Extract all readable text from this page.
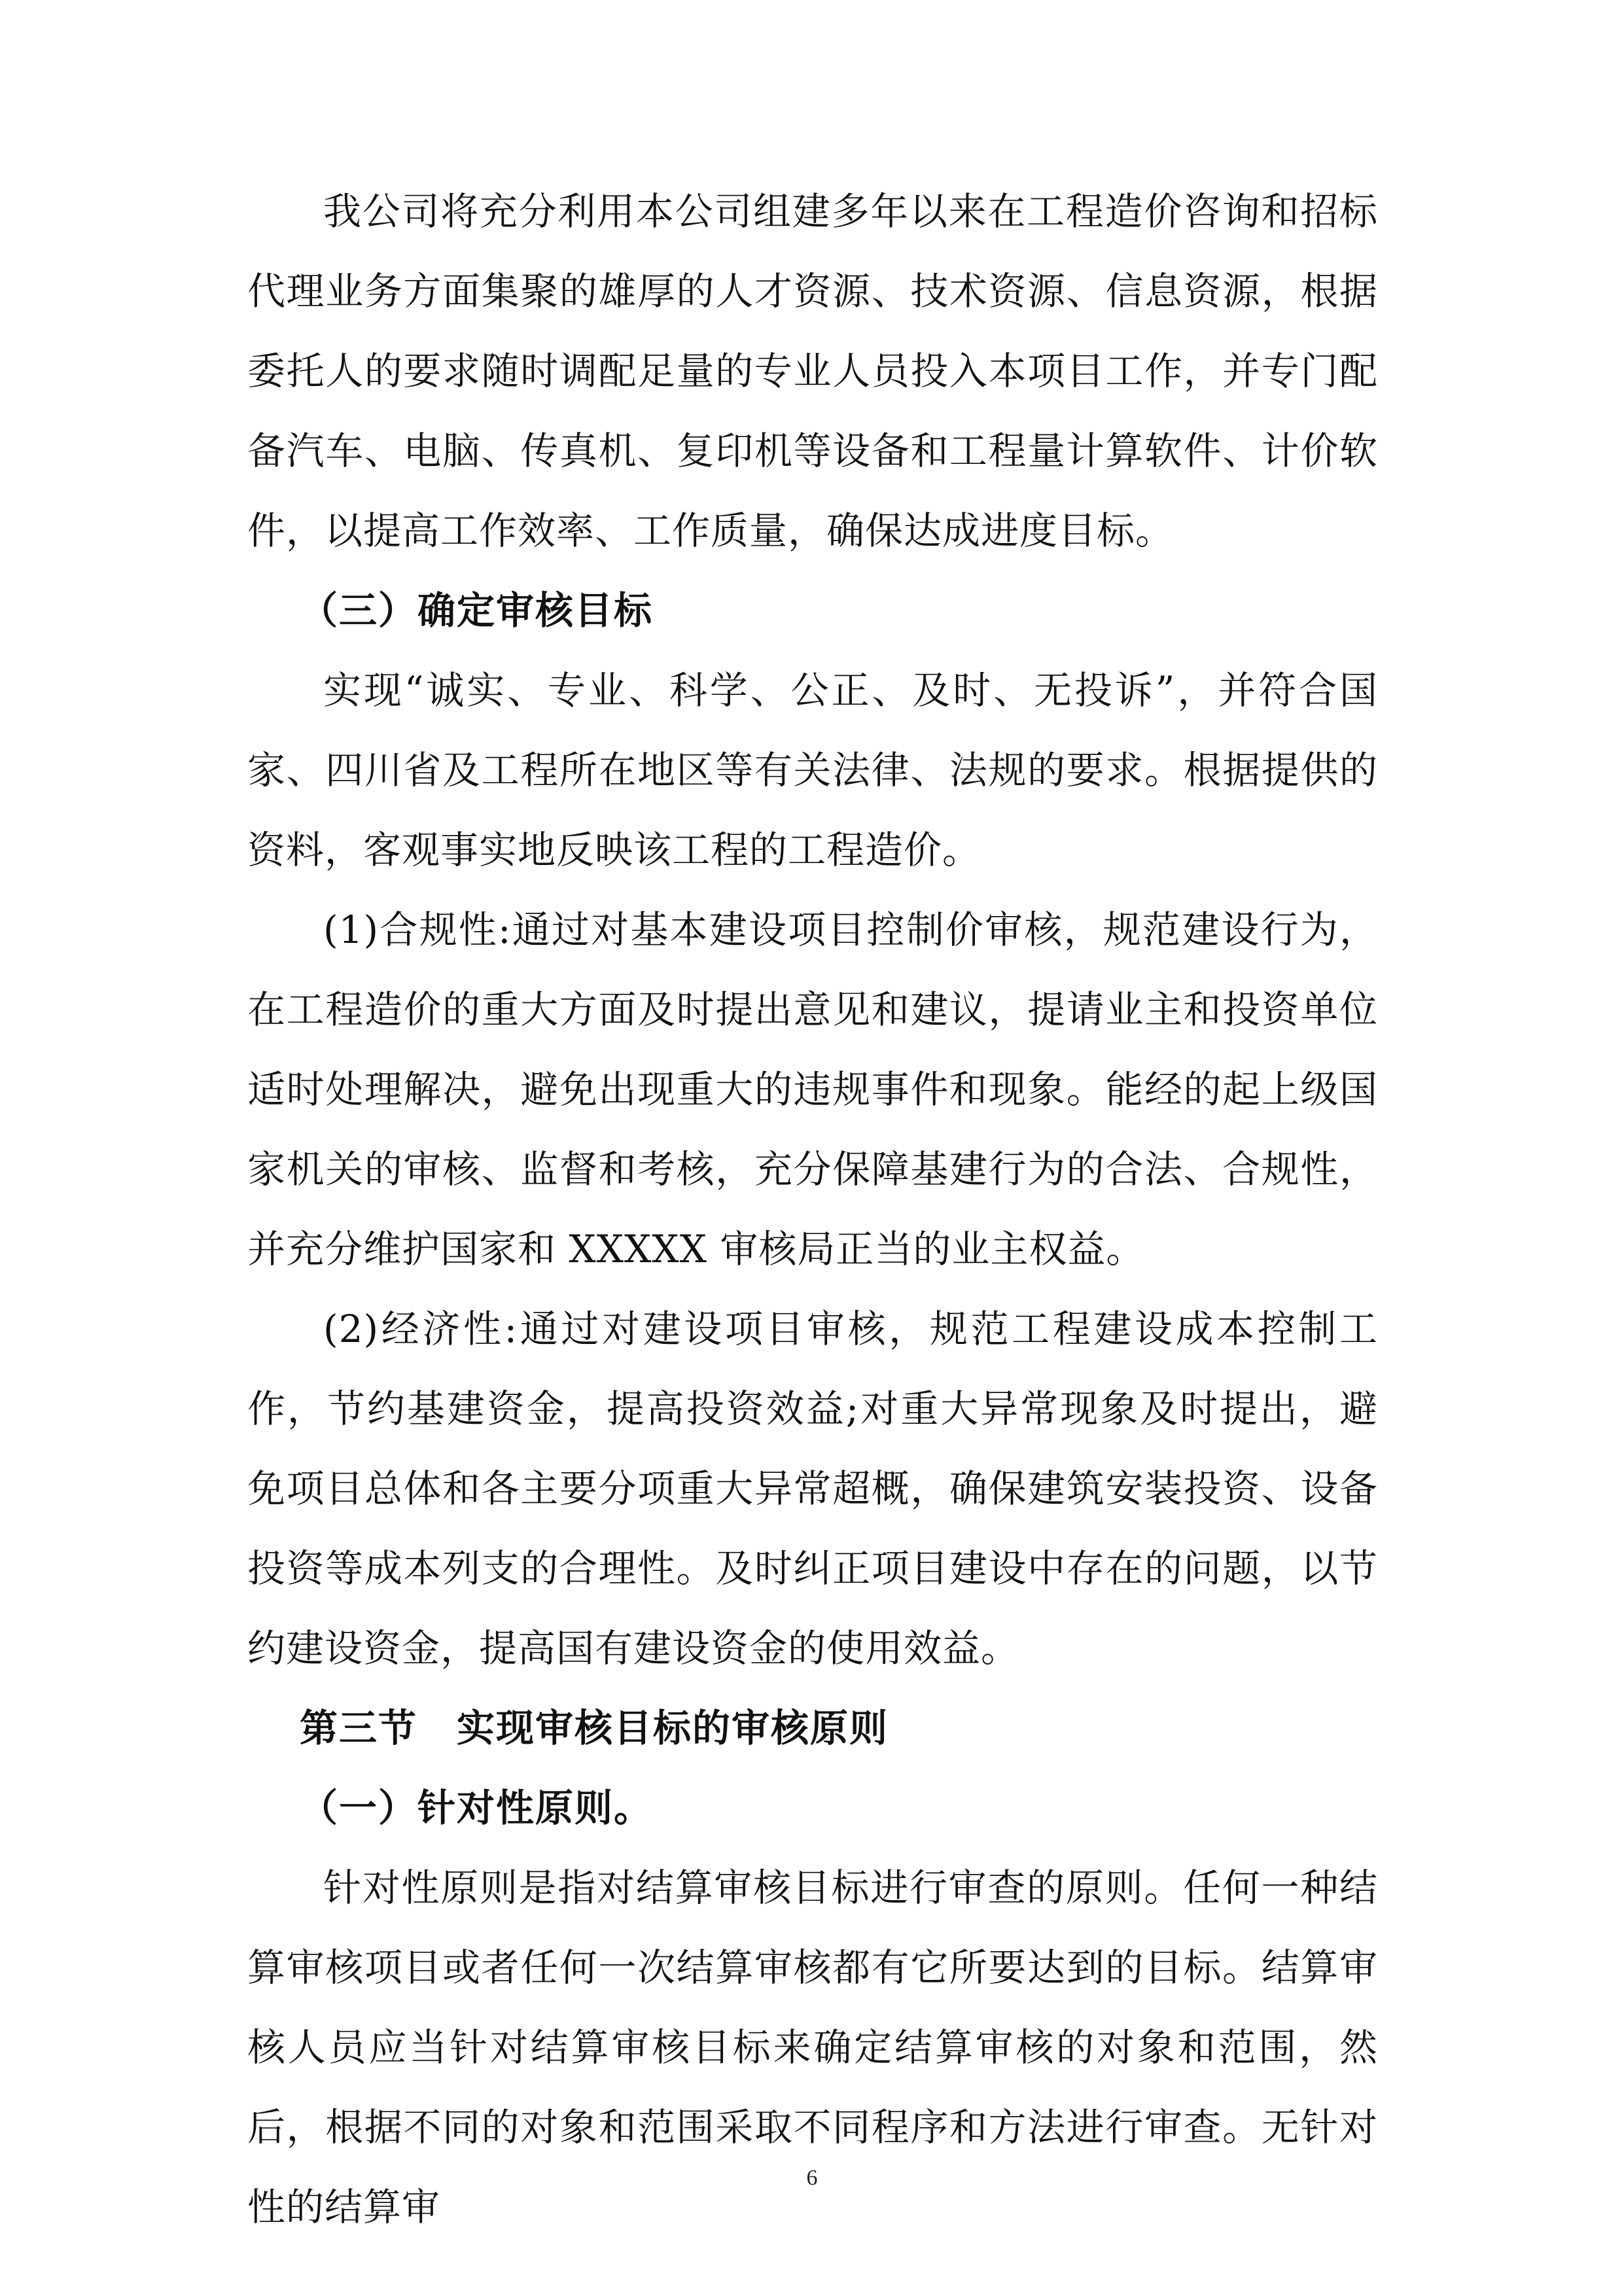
我公司将充分利用本公司组建多年以来在工程造价咨询和招标代理业务方面集聚的雄厚的人才资源、技术资源、信息资源，根据委托人的要求随时调配足量的专业人员投入本项目工作，并专门配备汽车、电脑、传真机、复印机等设备和工程量计算软件、计价软件，以提高工作效率、工作质量，确保达成进度目标。

（三）确定审核目标

实现“诚实、专业、科学、公正、及时、无投诉”，并符合国家、四川省及工程所在地区等有关法律、法规的要求。根据提供的资料，客观事实地反映该工程的工程造价。

(1)合规性:通过对基本建设项目控制价审核，规范建设行为，在工程造价的重大方面及时提出意见和建议，提请业主和投资单位适时处理解决，避免出现重大的违规事件和现象。能经的起上级国家机关的审核、监督和考核，充分保障基建行为的合法、合规性，并充分维护国家和 XXXXX 审核局正当的业主权益。

(2)经济性:通过对建设项目审核，规范工程建设成本控制工作，节约基建资金，提高投资效益;对重大异常现象及时提出，避免项目总体和各主要分项重大异常超概，确保建筑安装投资、设备投资等成本列支的合理性。及时纠正项目建设中存在的问题，以节约建设资金，提高国有建设资金的使用效益。

第三节　实现审核目标的审核原则

（一）针对性原则。

针对性原则是指对结算审核目标进行审查的原则。任何一种结算审核项目或者任何一次结算审核都有它所要达到的目标。结算审核人员应当针对结算审核目标来确定结算审核的对象和范围，然后，根据不同的对象和范围采取不同程序和方法进行审查。无针对性的结算审

6
